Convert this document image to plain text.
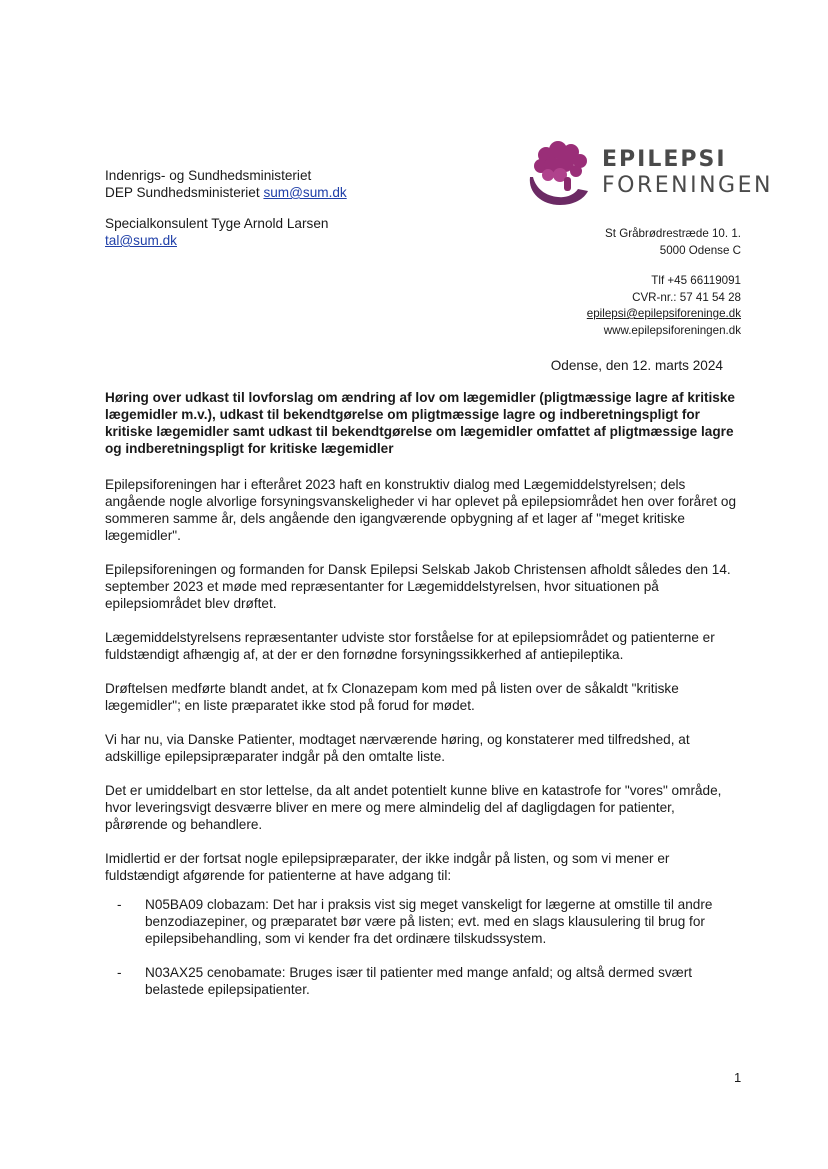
Indenrigs- og Sundhedsministeriet
DEP Sundhedsministeriet sum@sum.dk
Specialkonsulent Tyge Arnold Larsen
tal@sum.dk
EPILEPSI
FORENINGEN
St Gråbrødrestræde 10. 1.
5000 Odense C
Tlf +45 66119091
CVR-nr.: 57 41 54 28
epilepsi@epilepsiforeninge.dk
www.epilepsiforeningen.dk
Odense, den 12. marts 2024
Høring over udkast til lovforslag om ændring af lov om lægemidler (pligtmæssige lagre af kritiske lægemidler m.v.), udkast til bekendtgørelse om pligtmæssige lagre og indberetningspligt for kritiske lægemidler samt udkast til bekendtgørelse om lægemidler omfattet af pligtmæssige lagre og indberetningspligt for kritiske lægemidler

Epilepsiforeningen har i efteråret 2023 haft en konstruktiv dialog med Lægemiddelstyrelsen; dels angående nogle alvorlige forsyningsvanskeligheder vi har oplevet på epilepsiområdet hen over foråret og sommeren samme år, dels angående den igangværende opbygning af et lager af "meget kritiske lægemidler".

Epilepsiforeningen og formanden for Dansk Epilepsi Selskab Jakob Christensen afholdt således den 14. september 2023 et møde med repræsentanter for Lægemiddelstyrelsen, hvor situationen på epilepsiområdet blev drøftet.

Lægemiddelstyrelsens repræsentanter udviste stor forståelse for at epilepsiområdet og patienterne er fuldstændigt afhængig af, at der er den fornødne forsyningssikkerhed af antiepileptika.

Drøftelsen medførte blandt andet, at fx Clonazepam kom med på listen over de såkaldt "kritiske lægemidler"; en liste præparatet ikke stod på forud for mødet.

Vi har nu, via Danske Patienter, modtaget nærværende høring, og konstaterer med tilfredshed, at adskillige epilepsipræparater indgår på den omtalte liste.

Det er umiddelbart en stor lettelse, da alt andet potentielt kunne blive en katastrofe for "vores" område, hvor leveringsvigt desværre bliver en mere og mere almindelig del af dagligdagen for patienter, pårørende og behandlere.

Imidlertid er der fortsat nogle epilepsipræparater, der ikke indgår på listen, og som vi mener er fuldstændigt afgørende for patienterne at have adgang til:

- N05BA09 clobazam: Det har i praksis vist sig meget vanskeligt for lægerne at omstille til andre benzodiazepiner, og præparatet bør være på listen; evt. med en slags klausulering til brug for epilepsibehandling, som vi kender fra det ordinære tilskudssystem.
- N03AX25 cenobamate: Bruges især til patienter med mange anfald; og altså dermed svært belastede epilepsipatienter.
1
